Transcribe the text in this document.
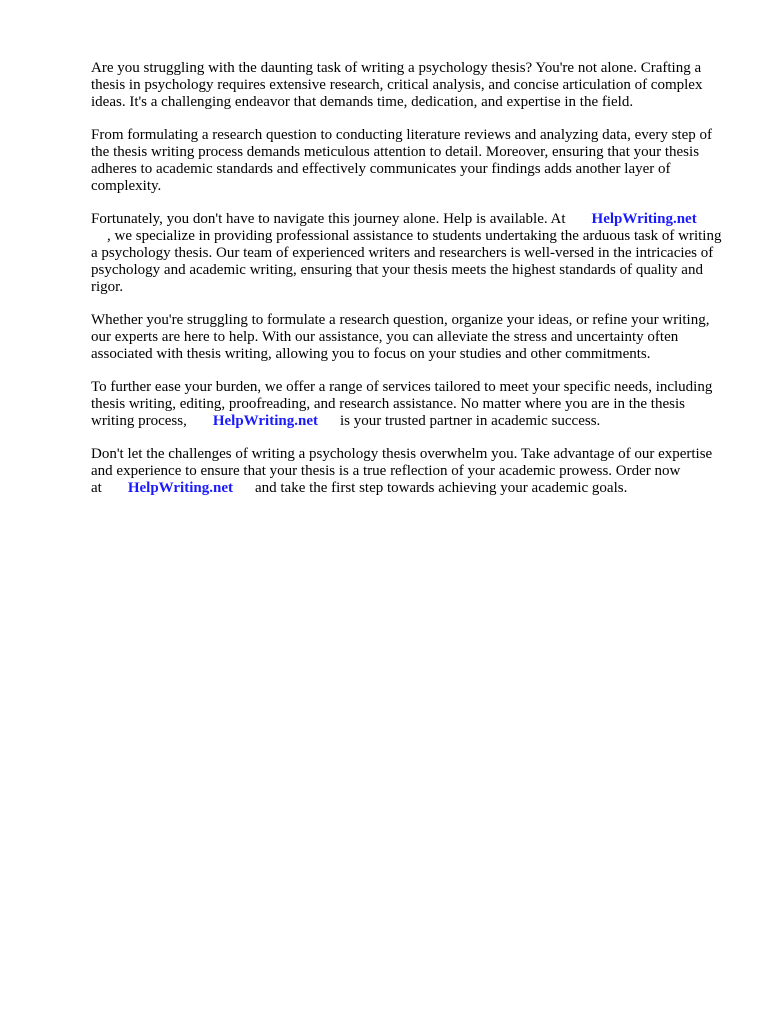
Are you struggling with the daunting task of writing a psychology thesis? You're not alone. Crafting a thesis in psychology requires extensive research, critical analysis, and concise articulation of complex ideas. It's a challenging endeavor that demands time, dedication, and expertise in the field.

From formulating a research question to conducting literature reviews and analyzing data, every step of the thesis writing process demands meticulous attention to detail. Moreover, ensuring that your thesis adheres to academic standards and effectively communicates your findings adds another layer of complexity.

Fortunately, you don't have to navigate this journey alone. Help is available. At HelpWriting.net
, we specialize in providing professional assistance to students undertaking the arduous task of writing a psychology thesis. Our team of experienced writers and researchers is well-versed in the intricacies of psychology and academic writing, ensuring that your thesis meets the highest standards of quality and rigor.

Whether you're struggling to formulate a research question, organize your ideas, or refine your writing, our experts are here to help. With our assistance, you can alleviate the stress and uncertainty often associated with thesis writing, allowing you to focus on your studies and other commitments.

To further ease your burden, we offer a range of services tailored to meet your specific needs, including thesis writing, editing, proofreading, and research assistance. No matter where you are in the thesis writing process, HelpWriting.net is your trusted partner in academic success.

Don't let the challenges of writing a psychology thesis overwhelm you. Take advantage of our expertise and experience to ensure that your thesis is a true reflection of your academic prowess. Order now at HelpWriting.net and take the first step towards achieving your academic goals.
